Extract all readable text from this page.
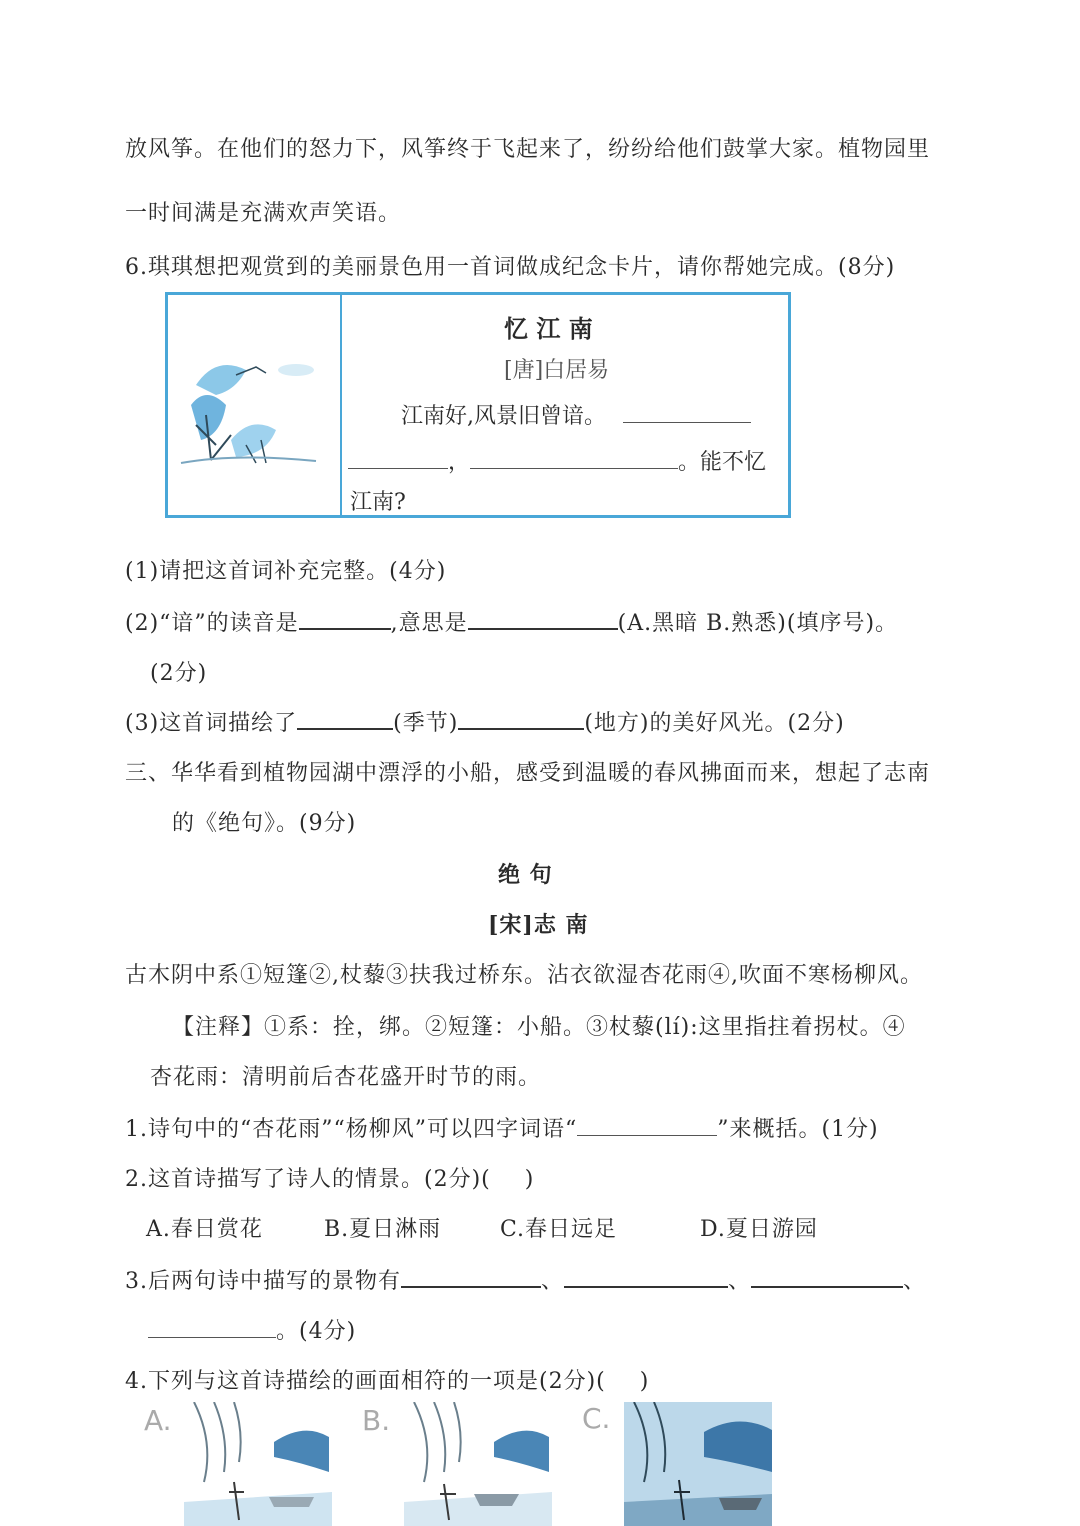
放风筝。在他们的怒力下，风筝终于飞起来了，纷纷给他们鼓掌大家。植物园里
一时间满是充满欢声笑语。
6.琪琪想把观赏到的美丽景色用一首词做成纪念卡片，请你帮她完成。(8分)
忆 江 南
[唐]白居易
江南好,风景旧曾谙。
，	。能不忆
江南?
(1)请把这首词补充完整。(4分)
(2)“谙”的读音是	,意思是	(A.黑暗 B.熟悉)(填序号)。
(2分)
(3)这首词描绘了	(季节)	(地方)的美好风光。(2分)
三、华华看到植物园湖中漂浮的小船，感受到温暖的春风拂面而来，想起了志南
的《绝句》。(9分)
绝 句
[宋]志 南
古木阴中系①短篷②,杖藜③扶我过桥东。沾衣欲湿杏花雨④,吹面不寒杨柳风。
【注释】①系：拴，绑。②短篷：小船。③杖藜(lí):这里指拄着拐杖。④
杏花雨：清明前后杏花盛开时节的雨。
1.诗句中的“杏花雨”“杨柳风”可以四字词语“	”来概括。(1分)
2.这首诗描写了诗人的情景。(2分)( )
A.春日赏花	B.夏日淋雨	C.春日远足	D.夏日游园
3.后两句诗中描写的景物有	、	、	、
。(4分)
4.下列与这首诗描绘的画面相符的一项是(2分)( )
A.	B.	C.
